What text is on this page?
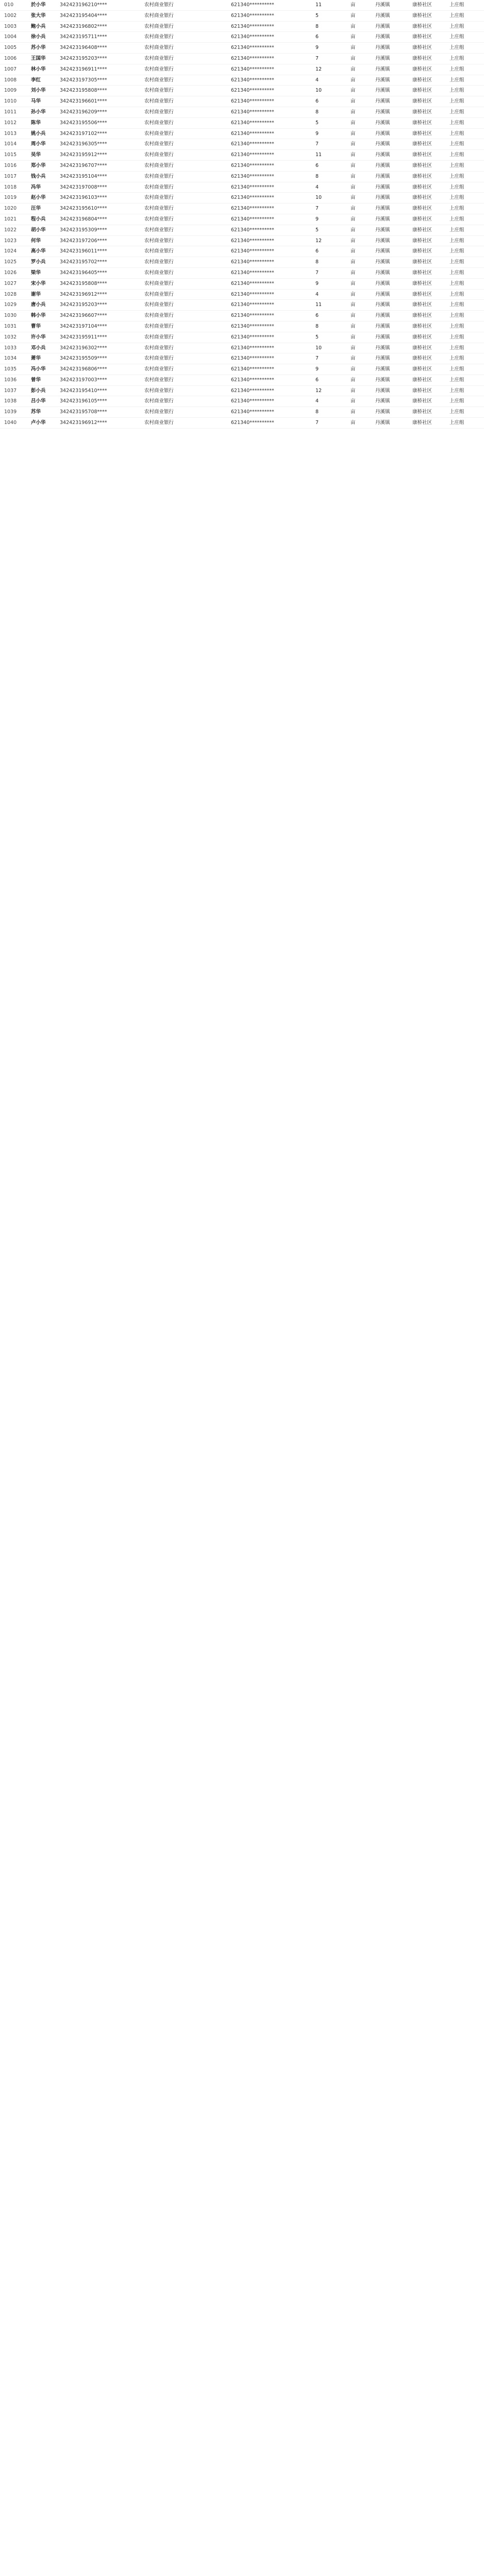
010	於小华	342423196210****	农村商业银行	621340**********	11	亩	丹溪镇	康桥社区	上庄组
1002	张大华	342423195404****	农村商业银行	621340**********	5	亩	丹溪镇	康桥社区	上庄组
1003	鲍小兵	342423196802****	农村商业银行	621340**********	8	亩	丹溪镇	康桥社区	上庄组
1004	徐小兵	342423195711****	农村商业银行	621340**********	6	亩	丹溪镇	康桥社区	上庄组
1005	苏小华	342423196408****	农村商业银行	621340**********	9	亩	丹溪镇	康桥社区	上庄组
1006	王国华	342423195203****	农村商业银行	621340**********	7	亩	丹溪镇	康桥社区	上庄组
1007	林小华	342423196911****	农村商业银行	621340**********	12	亩	丹溪镇	康桥社区	上庄组
1008	李红	342423197305****	农村商业银行	621340**********	4	亩	丹溪镇	康桥社区	上庄组
1009	刘小华	342423195808****	农村商业银行	621340**********	10	亩	丹溪镇	康桥社区	上庄组
1010	马华	342423196601****	农村商业银行	621340**********	6	亩	丹溪镇	康桥社区	上庄组
1011	孙小华	342423196209****	农村商业银行	621340**********	8	亩	丹溪镇	康桥社区	上庄组
1012	陈华	342423195506****	农村商业银行	621340**********	5	亩	丹溪镇	康桥社区	上庄组
1013	姚小兵	342423197102****	农村商业银行	621340**********	9	亩	丹溪镇	康桥社区	上庄组
1014	周小华	342423196305****	农村商业银行	621340**********	7	亩	丹溪镇	康桥社区	上庄组
1015	吴华	342423195912****	农村商业银行	621340**********	11	亩	丹溪镇	康桥社区	上庄组
1016	郑小华	342423196707****	农村商业银行	621340**********	6	亩	丹溪镇	康桥社区	上庄组
1017	钱小兵	342423195104****	农村商业银行	621340**********	8	亩	丹溪镇	康桥社区	上庄组
1018	冯华	342423197008****	农村商业银行	621340**********	4	亩	丹溪镇	康桥社区	上庄组
1019	赵小华	342423196103****	农村商业银行	621340**********	10	亩	丹溪镇	康桥社区	上庄组
1020	汪华	342423195610****	农村商业银行	621340**********	7	亩	丹溪镇	康桥社区	上庄组
1021	程小兵	342423196804****	农村商业银行	621340**********	9	亩	丹溪镇	康桥社区	上庄组
1022	胡小华	342423195309****	农村商业银行	621340**********	5	亩	丹溪镇	康桥社区	上庄组
1023	何华	342423197206****	农村商业银行	621340**********	12	亩	丹溪镇	康桥社区	上庄组
1024	高小华	342423196011****	农村商业银行	621340**********	6	亩	丹溪镇	康桥社区	上庄组
1025	罗小兵	342423195702****	农村商业银行	621340**********	8	亩	丹溪镇	康桥社区	上庄组
1026	梁华	342423196405****	农村商业银行	621340**********	7	亩	丹溪镇	康桥社区	上庄组
1027	宋小华	342423195808****	农村商业银行	621340**********	9	亩	丹溪镇	康桥社区	上庄组
1028	谢华	342423196912****	农村商业银行	621340**********	4	亩	丹溪镇	康桥社区	上庄组
1029	唐小兵	342423195203****	农村商业银行	621340**********	11	亩	丹溪镇	康桥社区	上庄组
1030	韩小华	342423196607****	农村商业银行	621340**********	6	亩	丹溪镇	康桥社区	上庄组
1031	曹华	342423197104****	农村商业银行	621340**********	8	亩	丹溪镇	康桥社区	上庄组
1032	许小华	342423195911****	农村商业银行	621340**********	5	亩	丹溪镇	康桥社区	上庄组
1033	邓小兵	342423196302****	农村商业银行	621340**********	10	亩	丹溪镇	康桥社区	上庄组
1034	萧华	342423195509****	农村商业银行	621340**********	7	亩	丹溪镇	康桥社区	上庄组
1035	冯小华	342423196806****	农村商业银行	621340**********	9	亩	丹溪镇	康桥社区	上庄组
1036	曾华	342423197003****	农村商业银行	621340**********	6	亩	丹溪镇	康桥社区	上庄组
1037	彭小兵	342423195410****	农村商业银行	621340**********	12	亩	丹溪镇	康桥社区	上庄组
1038	吕小华	342423196105****	农村商业银行	621340**********	4	亩	丹溪镇	康桥社区	上庄组
1039	苏华	342423195708****	农村商业银行	621340**********	8	亩	丹溪镇	康桥社区	上庄组
1040	卢小华	342423196912****	农村商业银行	621340**********	7	亩	丹溪镇	康桥社区	上庄组
